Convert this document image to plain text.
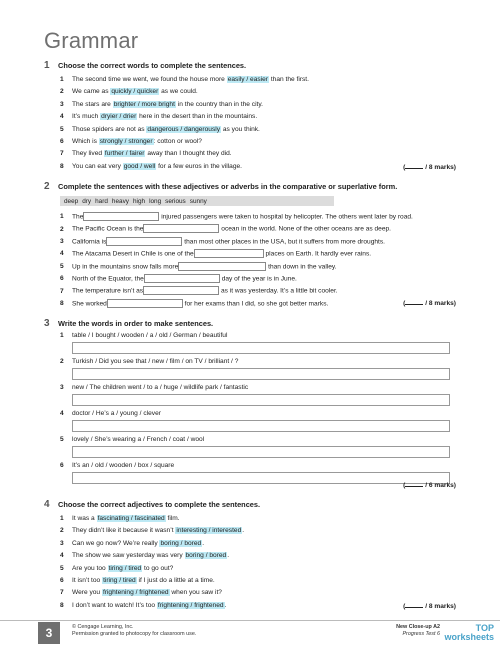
Grammar
1 Choose the correct words to complete the sentences.
1 The second time we went, we found the house more easily / easier than the first.
2 We came as quickly / quicker as we could.
3 The stars are brighter / more bright in the country than in the city.
4 It’s much dryier / drier here in the desert than in the mountains.
5 Those spiders are not as dangerous / dangerously as you think.
6 Which is strongly / stronger: cotton or wool?
7 They lived further / fairer away than I thought they did.
8 You can eat very good / well for a few euros in the village.	(	/ 8 marks)
2 Complete the sentences with these adjectives or adverbs in the comparative or superlative form.
deep dry hard heavy high long serious sunny
1 The	injured passengers were taken to hospital by helicopter. The others went later by road.
2 The Pacific Ocean is the	ocean in the world. None of the other oceans are as deep.
3 California is	than most other places in the USA, but it suffers from more droughts.
4 The Atacama Desert in Chile is one of the	places on Earth. It hardly ever rains.
5 Up in the mountains snow falls more	than down in the valley.
6 North of the Equator, the	day of the year is in June.
7 The temperature isn’t as	as it was yesterday. It’s a little bit cooler.
8 She worked	for her exams than I did, so she got better marks.	(	/ 8 marks)
3 Write the words in order to make sentences.
1 table / I bought / wooden / a / old / German / beautiful
2 Turkish / Did you see that / new / film / on TV / brilliant / ?
3 new / The children went / to a / huge / wildlife park / fantastic
4 doctor / He’s a / young / clever
5 lovely / She’s wearing a / French / coat / wool
6 It’s an / old / wooden / box / square
(	/ 6 marks)
4 Choose the correct adjectives to complete the sentences.
1 It was a fascinating / fascinated film.
2 They didn’t like it because it wasn’t interesting / interested.
3 Can we go now? We’re really boring / bored.
4 The show we saw yesterday was very boring / bored.
5 Are you too tiring / tired to go out?
6 It isn’t too tiring / tired if I just do a little at a time.
7 Were you frightening / frightened when you saw it?
8 I don’t want to watch! It’s too frightening / frightened.	(	/ 8 marks)
3	© Cengage Learning, Inc.
Permission granted to photocopy for classroom use.
New Close-up A2
Progress Test 6
TOP
worksheets
